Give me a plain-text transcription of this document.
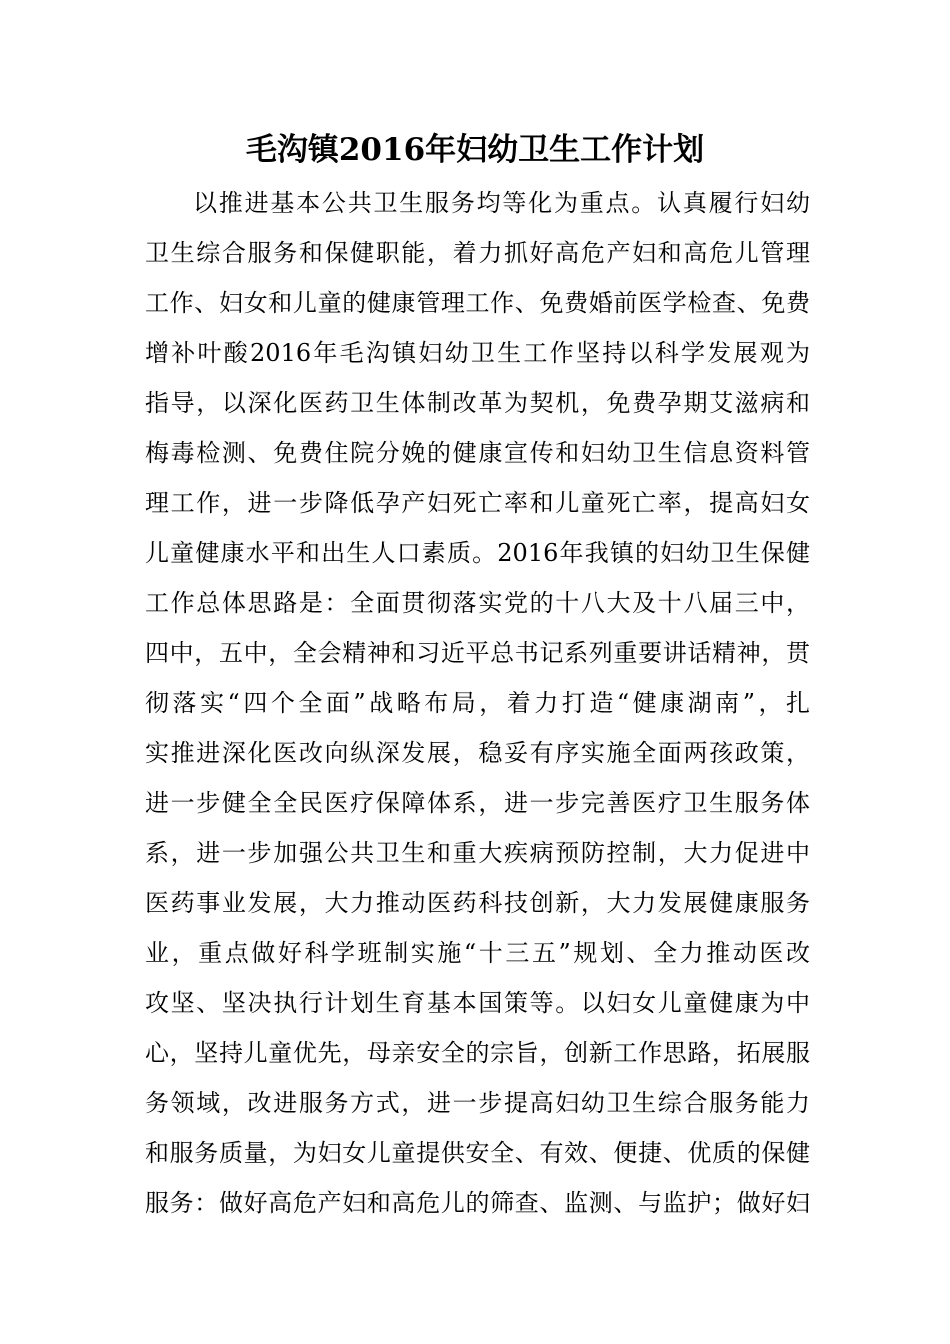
毛沟镇2016年妇幼卫生工作计划
以推进基本公共卫生服务均等化为重点。认真履行妇幼
卫生综合服务和保健职能，着力抓好高危产妇和高危儿管理
工作、妇女和儿童的健康管理工作、免费婚前医学检查、免费
增补叶酸2016年毛沟镇妇幼卫生工作坚持以科学发展观为
指导，以深化医药卫生体制改革为契机，免费孕期艾滋病和
梅毒检测、免费住院分娩的健康宣传和妇幼卫生信息资料管
理工作，进一步降低孕产妇死亡率和儿童死亡率，提高妇女
儿童健康水平和出生人口素质。2016年我镇的妇幼卫生保健
工作总体思路是：全面贯彻落实党的十八大及十八届三中，
四中，五中，全会精神和习近平总书记系列重要讲话精神，贯
彻落实“四个全面”战略布局，着力打造“健康湖南”，扎
实推进深化医改向纵深发展，稳妥有序实施全面两孩政策，
进一步健全全民医疗保障体系，进一步完善医疗卫生服务体
系，进一步加强公共卫生和重大疾病预防控制，大力促进中
医药事业发展，大力推动医药科技创新，大力发展健康服务
业，重点做好科学班制实施“十三五”规划、全力推动医改
攻坚、坚决执行计划生育基本国策等。以妇女儿童健康为中
心，坚持儿童优先，母亲安全的宗旨，创新工作思路，拓展服
务领域，改进服务方式，进一步提高妇幼卫生综合服务能力
和服务质量，为妇女儿童提供安全、有效、便捷、优质的保健
服务：做好高危产妇和高危儿的筛查、监测、与监护；做好妇
